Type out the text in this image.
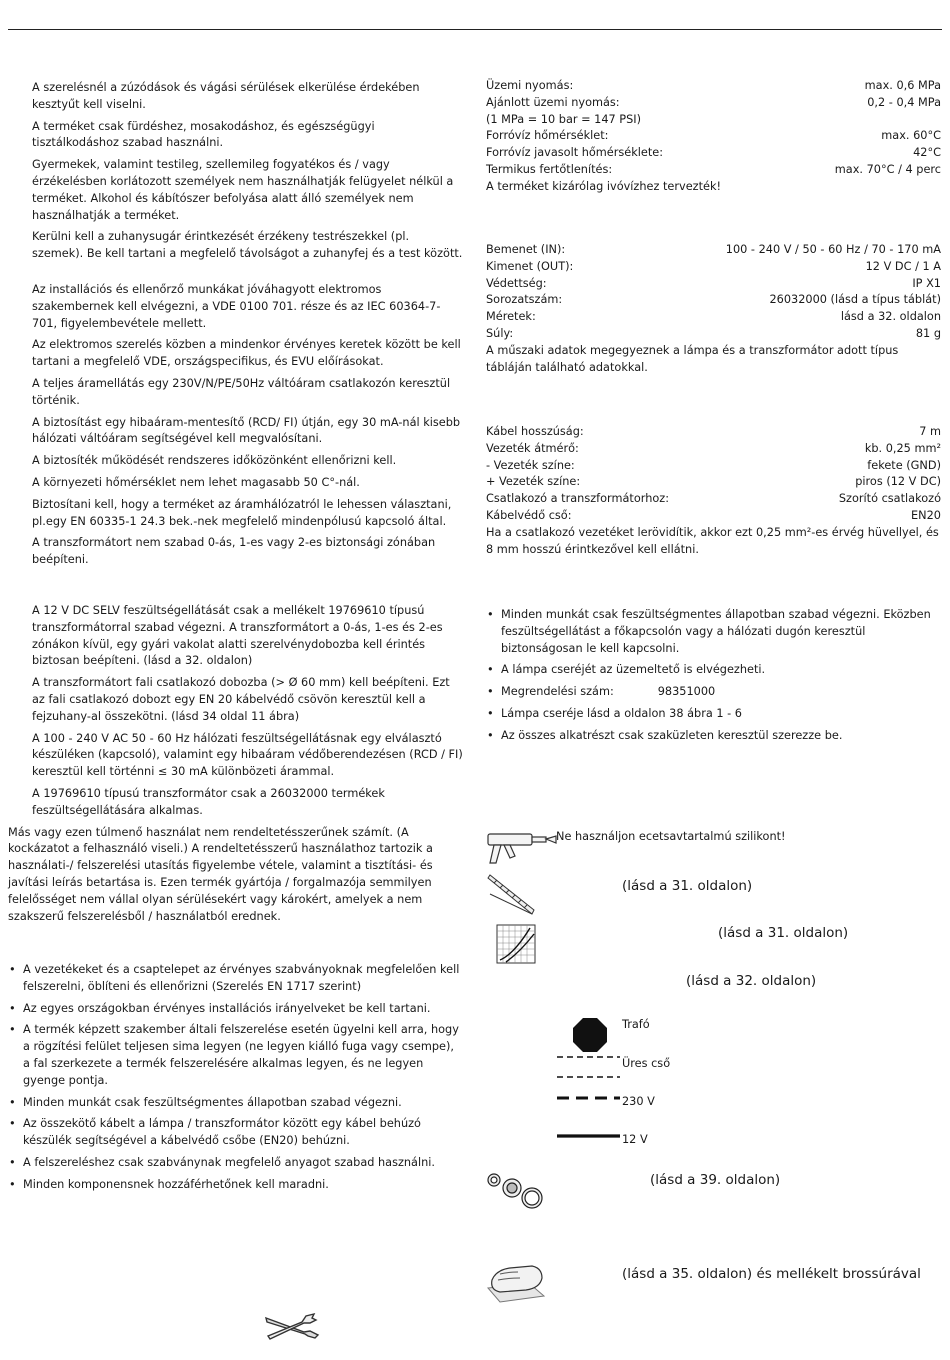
A szerelésnél a zúzódások és vágási sérülések elkerülése érdekében kesztyűt kell viselni.

A terméket csak fürdéshez, mosakodáshoz, és egészségügyi tisztálkodáshoz szabad használni.

Gyermekek, valamint testileg, szellemileg fogyatékos és / vagy érzékelésben korlátozott személyek nem használhatják felügyelet nélkül a terméket. Alkohol és kábítószer befolyása alatt álló személyek nem használhatják a terméket.

Kerülni kell a zuhanysugár érintkezését érzékeny testrészekkel (pl. szemek). Be kell tartani a megfelelő távolságot a zuhanyfej és a test között.

Az installációs és ellenőrző munkákat jóváhagyott elektromos szakembernek kell elvégezni, a VDE 0100 701. része és az IEC 60364-7-701, figyelembevétele mellett.

Az elektromos szerelés közben a mindenkor érvényes keretek között be kell tartani a megfelelő VDE, országspecifikus, és EVU előírásokat.

A teljes áramellátás egy 230V/N/PE/50Hz váltóáram csatlakozón keresztül történik.

A biztosítást egy hibaáram-mentesítő (RCD/ FI) útján, egy 30 mA-nál kisebb hálózati váltóáram segítségével kell megvalósítani.

A biztosíték működését rendszeres időközönként ellenőrizni kell.

A környezeti hőmérséklet nem lehet magasabb 50 C°-nál.

Biztosítani kell, hogy a terméket az áramhálózatról le lehessen választani, pl.egy EN 60335-1 24.3 bek.-nek megfelelő mindenpólusú kapcsoló által.

A transzformátort nem szabad 0-ás, 1-es vagy 2-es biztonsági zónában beépíteni.

A 12 V DC SELV feszültségellátását csak a mellékelt 19769610 típusú transzformátorral szabad végezni. A transzformátort a 0-ás, 1-es és 2-es zónákon kívül, egy gyári vakolat alatti szerelvénydobozba kell érintés biztosan beépíteni. (lásd a 32. oldalon)

A transzformátort fali csatlakozó dobozba (> Ø 60 mm) kell beépíteni. Ezt az fali csatlakozó dobozt egy EN 20 kábelvédő csövön keresztül kell a fejzuhany-al összekötni. (lásd 34 oldal 11 ábra)

A 100 - 240 V AC 50 - 60 Hz hálózati feszültségellátásnak egy elválasztó készüléken (kapcsoló), valamint egy hibaáram védőberendezésen (RCD / FI) keresztül kell történni ≤ 30 mA különbözeti árammal.

A 19769610 típusú transzformátor csak a 26032000 termékek feszültségellátására alkalmas.

Más vagy ezen túlmenő használat nem rendeltetésszerűnek számít. (A kockázatot a felhasználó viseli.) A rendeltetésszerű használathoz tartozik a használati-/ felszerelési utasítás figyelembe vétele, valamint a tisztítási- és javítási leírás betartása is. Ezen termék gyártója / forgalmazója semmilyen felelősséget nem vállal olyan sérülésekért vagy károkért, amelyek a nem szakszerű felszerelésből / használatból erednek.

• A vezetékeket és a csaptelepet az érvényes szabványoknak megfelelően kell felszerelni, öblíteni és ellenőrizni (Szerelés EN 1717 szerint)
• Az egyes országokban érvényes installációs irányelveket be kell tartani.
• A termék képzett szakember általi felszerelése esetén ügyelni kell arra, hogy a rögzítési felület teljesen sima legyen (ne legyen kiálló fuga vagy csempe), a fal szerkezete a termék felszerelésére alkalmas legyen, és ne legyen gyenge pontja.
• Minden munkát csak feszültségmentes állapotban szabad végezni.
• Az összekötő kábelt a lámpa / transzformátor között egy kábel behúzó készülék segítségével a kábelvédő csőbe (EN20) behúzni.
• A felszereléshez csak szabványnak megfelelő anyagot szabad használni.
• Minden komponensnek hozzáférhetőnek kell maradni.
Üzemi nyomás:	max. 0,6 MPa
Ajánlott üzemi nyomás:	0,2 - 0,4 MPa
(1 MPa = 10 bar = 147 PSI)
Forróvíz hőmérséklet:	max. 60°C
Forróvíz javasolt hőmérséklete:	42°C
Termikus fertőtlenítés:	max. 70°C / 4 perc

A terméket kizárólag ivóvízhez tervezték!

Bemenet (IN):	100 - 240 V / 50 - 60 Hz / 70 - 170 mA
Kimenet (OUT):	12 V DC / 1 A
Védettség:	IP X1
Sorozatszám:	26032000 (lásd a típus táblát)
Méretek:	lásd a 32. oldalon
Súly:	81 g

A műszaki adatok megegyeznek a lámpa és a transzformátor adott típus tábláján található adatokkal.

Kábel hosszúság:	7 m
Vezeték átmérő:	kb. 0,25 mm²
- Vezeték színe:	fekete (GND)
+ Vezeték színe:	piros (12 V DC)
Csatlakozó a transzformátorhoz:	Szorító csatlakozó
Kábelvédő cső:	EN20

Ha a csatlakozó vezetéket lerövidítik, akkor ezt 0,25 mm²-es érvég hüvellyel, és 8 mm hosszú érintkezővel kell ellátni.

• Minden munkát csak feszültségmentes állapotban szabad végezni. Eközben feszültségellátást a főkapcsolón vagy a hálózati dugón keresztül biztonságosan le kell kapcsolni.
• A lámpa cseréjét az üzemeltető is elvégezheti.
• Megrendelési szám:	98351000
• Lámpa cseréje lásd a oldalon 38 ábra 1 - 6
• Az összes alkatrészt csak szaküzleten keresztül szerezze be.
Ne használjon ecetsavtartalmú szilikont!
(lásd a 31. oldalon)
(lásd a 31. oldalon)
(lásd a 32. oldalon)
Trafó
Üres cső
230 V
12 V
(lásd a 39. oldalon)
(lásd a 35. oldalon) és mellékelt brossúrával
